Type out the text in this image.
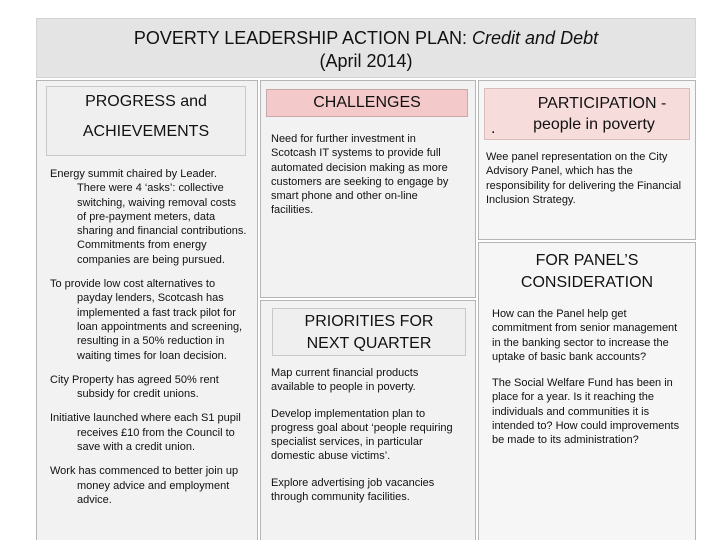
POVERTY LEADERSHIP ACTION PLAN: Credit and Debt
(April 2014)
PROGRESS and
ACHIEVEMENTS

Energy summit chaired by Leader. There were 4 ‘asks’: collective switching, waiving removal costs of pre-payment meters, data sharing and financial contributions. Commitments from energy companies are being pursued.

To provide low cost alternatives to payday lenders, Scotcash has implemented a fast track pilot for loan appointments and screening, resulting in a 50% reduction in waiting times for loan decision.

City Property has agreed 50% rent subsidy for credit unions.

Initiative launched where each S1 pupil receives £10 from the Council to save with a credit union.

Work has commenced to better join up money advice and employment advice.

CHALLENGES
Need for further investment in Scotcash IT systems to provide full automated decision making as more customers are seeking to engage by smart phone and other on-line facilities.
PRIORITIES FOR
NEXT QUARTER

Map current financial products available to people in poverty.

Develop implementation plan to progress goal about ‘people requiring specialist services, in particular domestic abuse victims’.

Explore advertising job vacancies through community facilities.

PARTICIPATION -
. people in poverty
Wee panel representation on the City Advisory Panel, which has the responsibility for delivering the Financial Inclusion Strategy.
FOR PANEL’S
CONSIDERATION

How can the Panel help get commitment from senior management in the banking sector to increase the uptake of basic bank accounts?

The Social Welfare Fund has been in place for a year. Is it reaching the individuals and communities it is intended to? How could improvements be made to its administration?
